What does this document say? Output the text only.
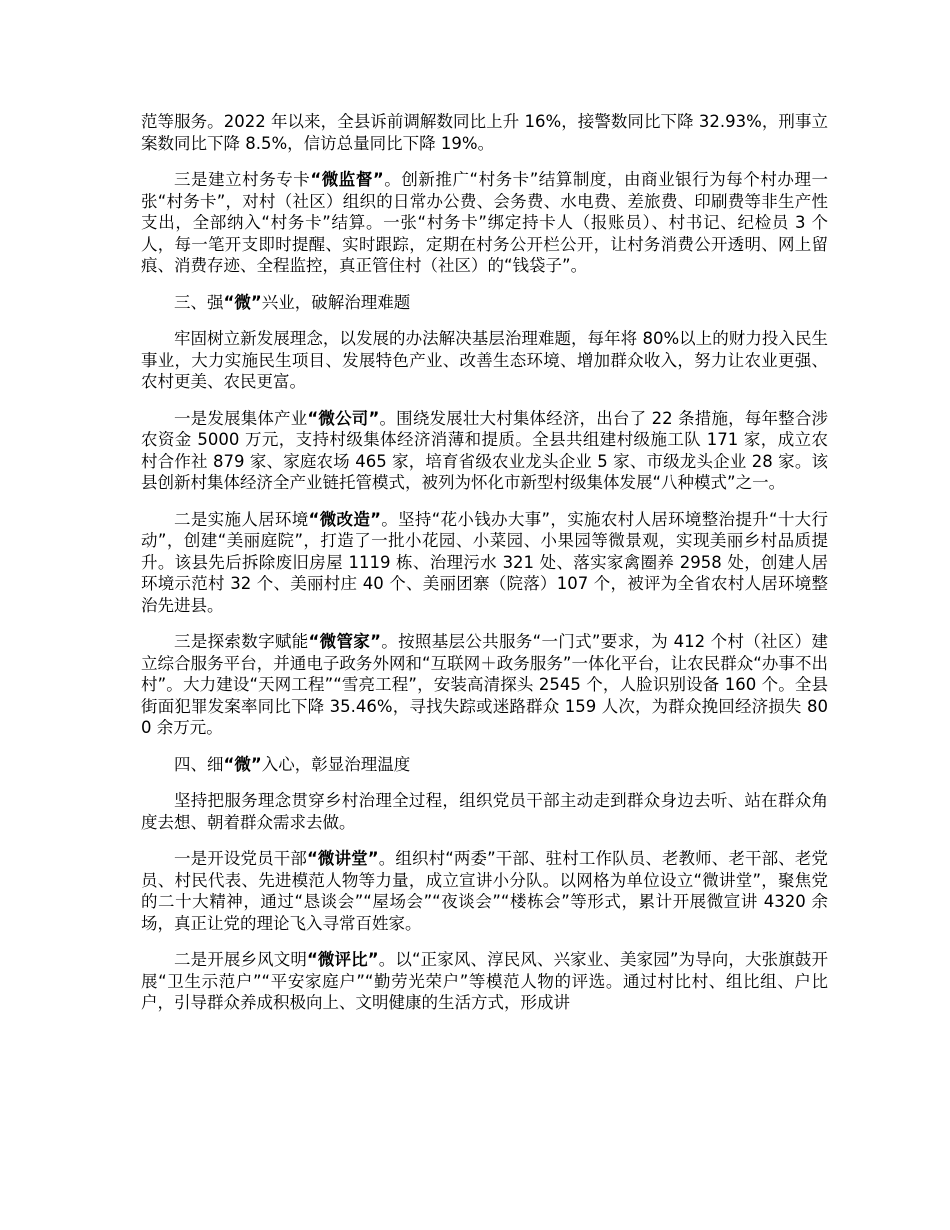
范等服务。2022 年以来，全县诉前调解数同比上升 16%，接警数同比下降 32.93%，刑事立案数同比下降 8.5%，信访总量同比下降 19%。

三是建立村务专卡“微监督”。创新推广“村务卡”结算制度，由商业银行为每个村办理一张“村务卡”，对村（社区）组织的日常办公费、会务费、水电费、差旅费、印刷费等非生产性支出，全部纳入“村务卡”结算。一张“村务卡”绑定持卡人（报账员）、村书记、纪检员 3 个人，每一笔开支即时提醒、实时跟踪，定期在村务公开栏公开，让村务消费公开透明、网上留痕、消费存迹、全程监控，真正管住村（社区）的“钱袋子”。

三、强“微”兴业，破解治理难题

牢固树立新发展理念，以发展的办法解决基层治理难题，每年将 80%以上的财力投入民生事业，大力实施民生项目、发展特色产业、改善生态环境、增加群众收入，努力让农业更强、农村更美、农民更富。

一是发展集体产业“微公司”。围绕发展壮大村集体经济，出台了 22 条措施，每年整合涉农资金 5000 万元，支持村级集体经济消薄和提质。全县共组建村级施工队 171 家，成立农村合作社 879 家、家庭农场 465 家，培育省级农业龙头企业 5 家、市级龙头企业 28 家。该县创新村集体经济全产业链托管模式，被列为怀化市新型村级集体发展“八种模式”之一。

二是实施人居环境“微改造”。坚持“花小钱办大事”，实施农村人居环境整治提升“十大行动”，创建“美丽庭院”，打造了一批小花园、小菜园、小果园等微景观，实现美丽乡村品质提升。该县先后拆除废旧房屋 1119 栋、治理污水 321 处、落实家禽圈养 2958 处，创建人居环境示范村 32 个、美丽村庄 40 个、美丽团寨（院落）107 个，被评为全省农村人居环境整治先进县。

三是探索数字赋能“微管家”。按照基层公共服务“一门式”要求，为 412 个村（社区）建立综合服务平台，并通电子政务外网和“互联网＋政务服务”一体化平台，让农民群众“办事不出村”。大力建设“天网工程”“雪亮工程”，安装高清探头 2545 个，人脸识别设备 160 个。全县街面犯罪发案率同比下降 35.46%，寻找失踪或迷路群众 159 人次，为群众挽回经济损失 800 余万元。

四、细“微”入心，彰显治理温度

坚持把服务理念贯穿乡村治理全过程，组织党员干部主动走到群众身边去听、站在群众角度去想、朝着群众需求去做。

一是开设党员干部“微讲堂”。组织村“两委”干部、驻村工作队员、老教师、老干部、老党员、村民代表、先进模范人物等力量，成立宣讲小分队。以网格为单位设立“微讲堂”，聚焦党的二十大精神，通过“恳谈会”“屋场会”“夜谈会”“楼栋会”等形式，累计开展微宣讲 4320 余场，真正让党的理论飞入寻常百姓家。

二是开展乡风文明“微评比”。以“正家风、淳民风、兴家业、美家园”为导向，大张旗鼓开展“卫生示范户”“平安家庭户”“勤劳光荣户”等模范人物的评选。通过村比村、组比组、户比户，引导群众养成积极向上、文明健康的生活方式，形成讲
